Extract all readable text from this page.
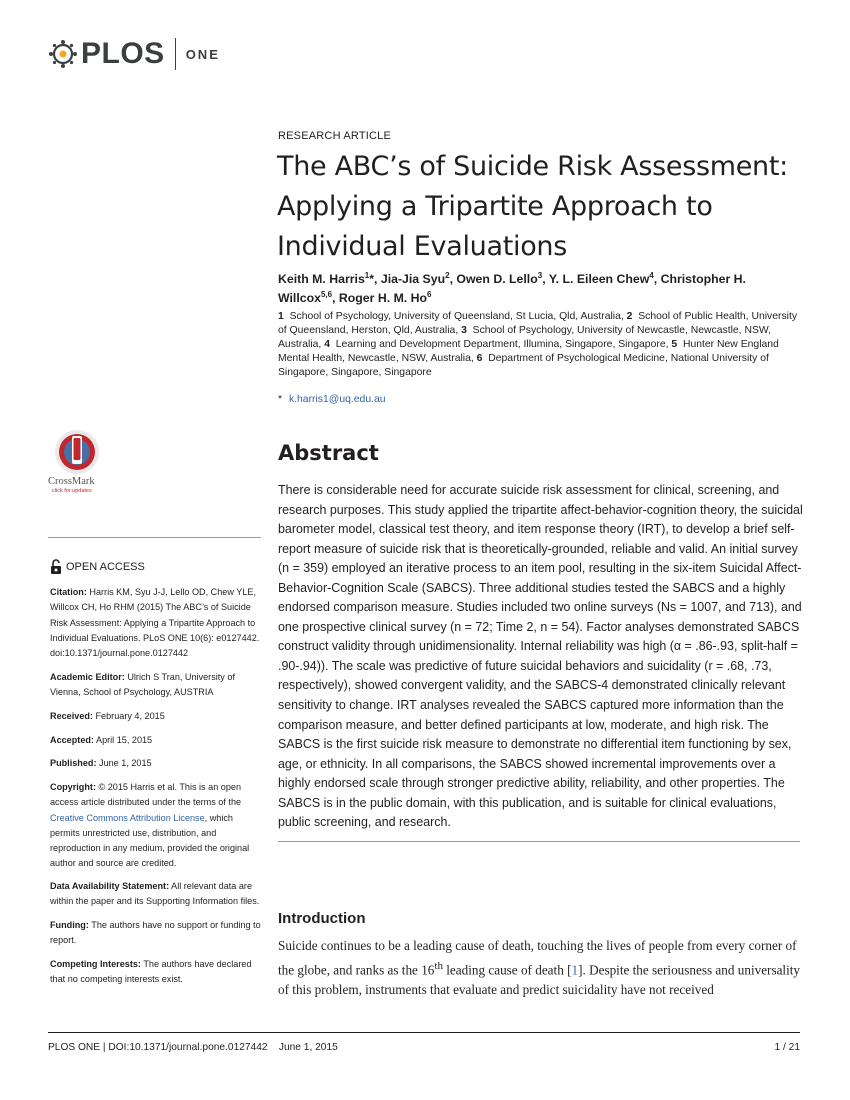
PLOS ONE
RESEARCH ARTICLE
The ABC’s of Suicide Risk Assessment: Applying a Tripartite Approach to Individual Evaluations
Keith M. Harris$^1$*, Jia-Jia Syu$^2$, Owen D. Lello$^3$, Y. L. Eileen Chew$^4$, Christopher H. Willcox$^{5,6}$, Roger H. M. Ho$^6$
1 School of Psychology, University of Queensland, St Lucia, Qld, Australia, 2 School of Public Health, University of Queensland, Herston, Qld, Australia, 3 School of Psychology, University of Newcastle, Newcastle, NSW, Australia, 4 Learning and Development Department, Illumina, Singapore, Singapore, 5 Hunter New England Mental Health, Newcastle, NSW, Australia, 6 Department of Psychological Medicine, National University of Singapore, Singapore, Singapore
* k.harris1@uq.edu.au
Abstract

There is considerable need for accurate suicide risk assessment for clinical, screening, and research purposes. This study applied the tripartite affect-behavior-cognition theory, the suicidal barometer model, classical test theory, and item response theory (IRT), to develop a brief self-report measure of suicide risk that is theoretically-grounded, reliable and valid. An initial survey (n = 359) employed an iterative process to an item pool, resulting in the six-item Suicidal Affect-Behavior-Cognition Scale (SABCS). Three additional studies tested the SABCS and a highly endorsed comparison measure. Studies included two online surveys (Ns = 1007, and 713), and one prospective clinical survey (n = 72; Time 2, n = 54). Factor analyses demonstrated SABCS construct validity through unidimensionality. Internal reliability was high (α = .86-.93, split-half = .90-.94)). The scale was predictive of future suicidal behaviors and suicidality (r = .68, .73, respectively), showed convergent validity, and the SABCS-4 demonstrated clinically relevant sensitivity to change. IRT analyses revealed the SABCS captured more information than the comparison measure, and better defined participants at low, moderate, and high risk. The SABCS is the first suicide risk measure to demonstrate no differential item functioning by sex, age, or ethnicity. In all comparisons, the SABCS showed incremental improvements over a highly endorsed scale through stronger predictive ability, reliability, and other properties. The SABCS is in the public domain, with this publication, and is suitable for clinical evaluations, public screening, and research.

Introduction

Suicide continues to be a leading cause of death, touching the lives of people from every corner of the globe, and ranks as the 16th leading cause of death [1]. Despite the seriousness and universality of this problem, instruments that evaluate and predict suicidality have not received

CrossMark
click for updates
OPEN ACCESS
Citation: Harris KM, Syu J-J, Lello OD, Chew YLE, Willcox CH, Ho RHM (2015) The ABC’s of Suicide Risk Assessment: Applying a Tripartite Approach to Individual Evaluations. PLoS ONE 10(6): e0127442. doi:10.1371/journal.pone.0127442
Academic Editor: Ulrich S Tran, University of Vienna, School of Psychology, AUSTRIA
Received: February 4, 2015
Accepted: April 15, 2015
Published: June 1, 2015
Copyright: © 2015 Harris et al. This is an open access article distributed under the terms of the Creative Commons Attribution License, which permits unrestricted use, distribution, and reproduction in any medium, provided the original author and source are credited.
Data Availability Statement: All relevant data are within the paper and its Supporting Information files.
Funding: The authors have no support or funding to report.
Competing Interests: The authors have declared that no competing interests exist.
PLOS ONE | DOI:10.1371/journal.pone.0127442    June 1, 2015	1 / 21
